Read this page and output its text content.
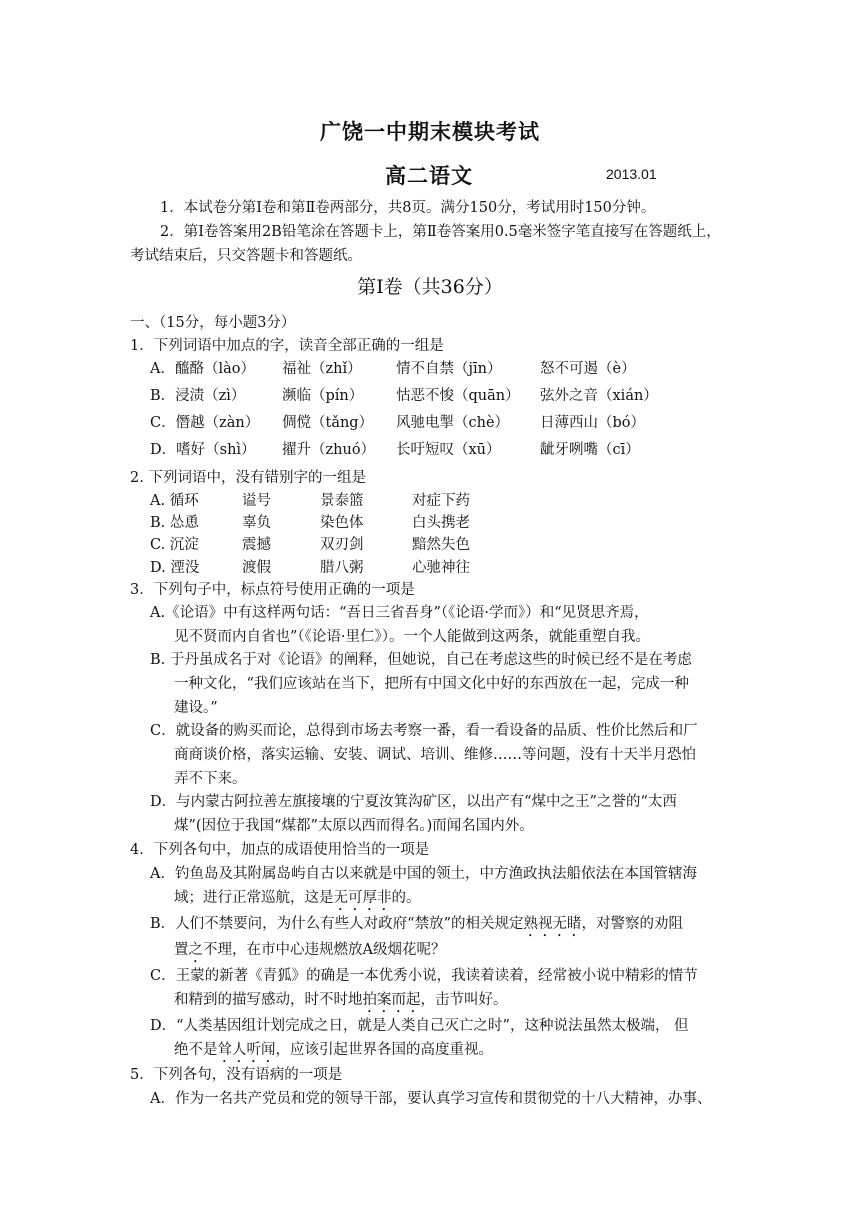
广饶一中期末模块考试
高二语文	2013.01
1．本试卷分第Ⅰ卷和第Ⅱ卷两部分，共8页。满分150分，考试用时150分钟。
2．第Ⅰ卷答案用2B铅笔涂在答题卡上，第Ⅱ卷答案用0.5毫米签字笔直接写在答题纸上，考试结束后，只交答题卡和答题纸。
第Ⅰ卷（共36分）
一、（15分，每小题3分）
1．下列词语中加点的字，读音全部正确的一组是
A．醯酪（lào） 福祉（zhǐ） 情不自禁（jīn）	怒不可遏（è）
B．浸渍（zì）	濒临（pín） 怙恶不悛（quān） 弦外之音（xián）
C．僭越（zàn） 倜傥（tǎng） 风驰电掣（chè） 日薄西山（bó）
D．嗜好（shì） 擢升（zhuó） 长吁短叹（xū）	龇牙咧嘴（cī）
2. 下列词语中，没有错别字的一组是
A. 循环	谥号	景泰篮	对症下药
B. 怂恿	辜负	染色体	白头携老
C. 沉淀	震撼	双刃剑	黯然失色
D. 湮没	渡假	腊八粥	心驰神往
3．下列句子中，标点符号使用正确的一项是
A.《论语》中有这样两句话：“吾日三省吾身”（《论语·学而》）和“见贤思齐焉，
见不贤而内自省也”（《论语·里仁》）。一个人能做到这两条，就能重塑自我。
B. 于丹虽成名于对《论语》的阐释，但她说，自己在考虑这些的时候已经不是在考虑
一种文化，“我们应该站在当下，把所有中国文化中好的东西放在一起，完成一种
建设。”
C．就设备的购买而论，总得到市场去考察一番，看一看设备的品质、性价比然后和厂
商商谈价格，落实运输、安装、调试、培训、维修……等问题，没有十天半月恐怕
弄不下来。
D．与内蒙古阿拉善左旗接壤的宁夏汝箕沟矿区，以出产有“煤中之王”之誉的“太西
煤”(因位于我国“煤都”太原以西而得名。)而闻名国内外。
4．下列各句中，加点的成语使用恰当的一项是
A．钓鱼岛及其附属岛屿自古以来就是中国的领土，中方渔政执法船依法在本国管辖海
域；进行正常巡航，这是无可厚非的。
B．人们不禁要问，为什么有些人对政府“禁放”的相关规定熟视无睹，对警察的劝阻
置之不理，在市中心违规燃放A级烟花呢？
C．王蒙的新著《青狐》的确是一本优秀小说，我读着读着，经常被小说中精彩的情节
和精到的描写感动，时不时地拍案而起，击节叫好。
D．“人类基因组计划完成之日，就是人类自己灭亡之时”，这种说法虽然太极端， 但
绝不是耸人听闻，应该引起世界各国的高度重视。
5．下列各句，没有语病的一项是
A．作为一名共产党员和党的领导干部，要认真学习宣传和贯彻党的十八大精神，办事、
